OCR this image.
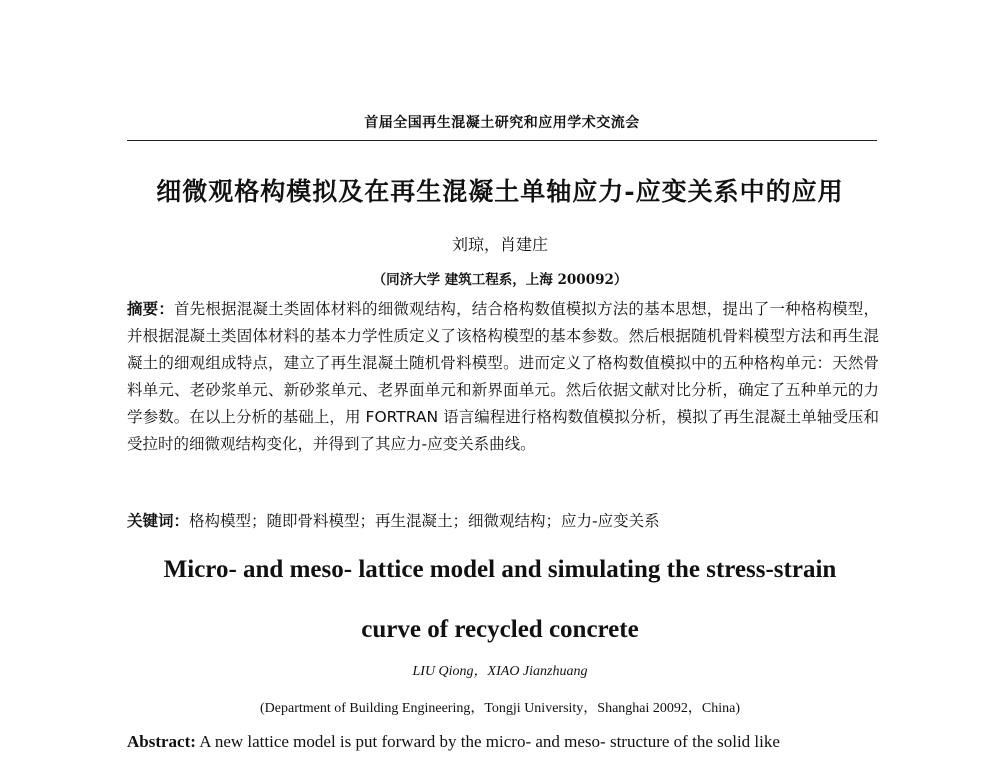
首届全国再生混凝土研究和应用学术交流会
细微观格构模拟及在再生混凝土单轴应力-应变关系中的应用
刘琼，肖建庄
（同济大学 建筑工程系，上海 200092）
摘要：首先根据混凝土类固体材料的细微观结构，结合格构数值模拟方法的基本思想，提出了一种格构模型，并根据混凝土类固体材料的基本力学性质定义了该格构模型的基本参数。然后根据随机骨料模型方法和再生混凝土的细观组成特点，建立了再生混凝土随机骨料模型。进而定义了格构数值模拟中的五种格构单元：天然骨料单元、老砂浆单元、新砂浆单元、老界面单元和新界面单元。然后依据文献对比分析，确定了五种单元的力学参数。在以上分析的基础上，用 FORTRAN 语言编程进行格构数值模拟分析，模拟了再生混凝土单轴受压和受拉时的细微观结构变化，并得到了其应力-应变关系曲线。
关键词：格构模型；随即骨料模型；再生混凝土；细微观结构；应力-应变关系
Micro- and meso- lattice model and simulating the stress-strain
curve of recycled concrete
LIU Qiong，XIAO Jianzhuang
(Department of Building Engineering，Tongji University，Shanghai 20092，China)
Abstract: A new lattice model is put forward by the micro- and meso- structure of the solid like
